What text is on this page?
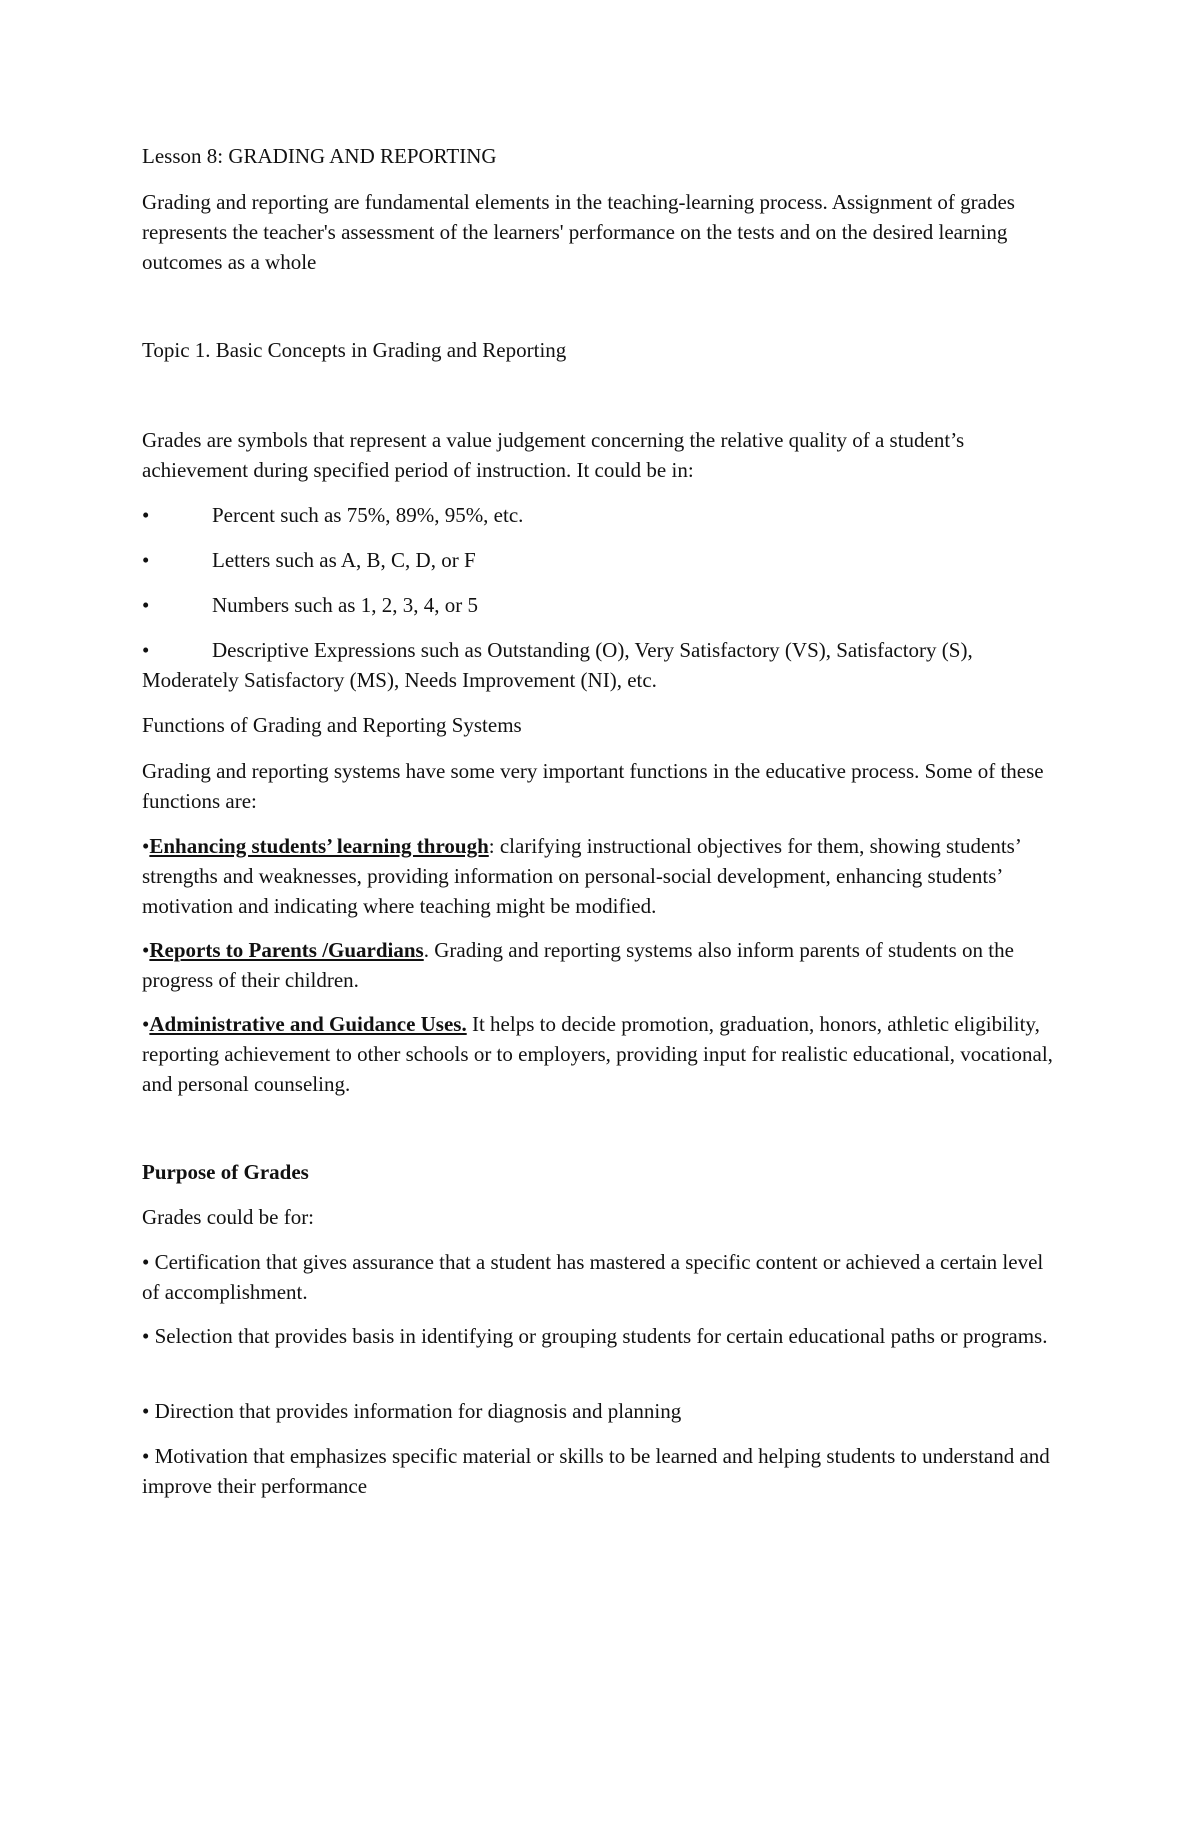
Lesson 8: GRADING AND REPORTING

Grading and reporting are fundamental elements in the teaching-learning process. Assignment of grades represents the teacher's assessment of the learners' performance on the tests and on the desired learning outcomes as a whole

Topic 1. Basic Concepts in Grading and Reporting

Grades are symbols that represent a value judgement concerning the relative quality of a student’s achievement during specified period of instruction. It could be in:

•	Percent such as 75%, 89%, 95%, etc.
•	Letters such as A, B, C, D, or F
•	Numbers such as 1, 2, 3, 4, or 5
•	Descriptive Expressions such as Outstanding (O), Very Satisfactory (VS), Satisfactory (S), Moderately Satisfactory (MS), Needs Improvement (NI), etc.

Functions of Grading and Reporting Systems

Grading and reporting systems have some very important functions in the educative process. Some of these functions are:

•Enhancing students’ learning through: clarifying instructional objectives for them, showing students’ strengths and weaknesses, providing information on personal-social development, enhancing students’ motivation and indicating where teaching might be modified.

•Reports to Parents /Guardians. Grading and reporting systems also inform parents of students on the progress of their children.

•Administrative and Guidance Uses. It helps to decide promotion, graduation, honors, athletic eligibility, reporting achievement to other schools or to employers, providing input for realistic educational, vocational, and personal counseling.

Purpose of Grades

Grades could be for:

• Certification that gives assurance that a student has mastered a specific content or achieved a certain level of accomplishment.

• Selection that provides basis in identifying or grouping students for certain educational paths or programs.

• Direction that provides information for diagnosis and planning

• Motivation that emphasizes specific material or skills to be learned and helping students to understand and improve their performance
